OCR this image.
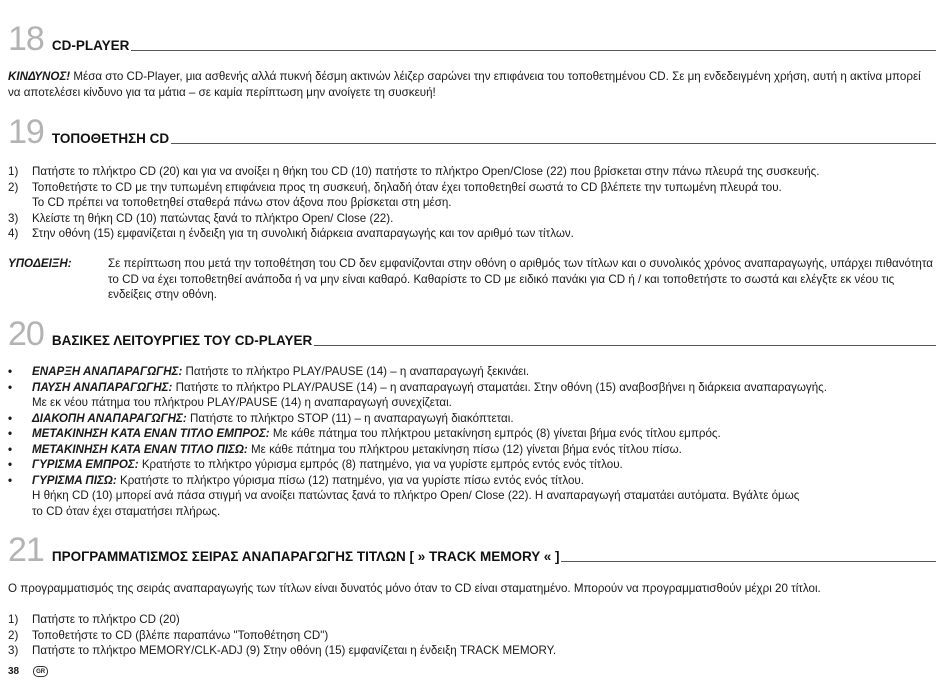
18 CD-PLAYER

ΚΙΝΔΥΝΟΣ! Μέσα στο CD-Player, μια ασθενής αλλά πυκνή δέσμη ακτινών λέιζερ σαρώνει την επιφάνεια του τοποθετημένου CD. Σε μη ενδεδειγμένη χρήση, αυτή η ακτίνα μπορεί να αποτελέσει κίνδυνο για τα μάτια – σε καμία περίπτωση μην ανοίγετε τη συσκευή!

19 ΤΟΠΟΘΕΤΗΣΗ CD
1)	Πατήστε το πλήκτρο CD (20) και για να ανοίξει η θήκη του CD (10) πατήστε το πλήκτρο Open/Close (22) που βρίσκεται στην πάνω πλευρά της συσκευής.
2)	Τοποθετήστε το CD με την τυπωμένη επιφάνεια προς τη συσκευή, δηλαδή όταν έχει τοποθετηθεί σωστά το CD βλέπετε την τυπωμένη πλευρά του.
Το CD πρέπει να τοποθετηθεί σταθερά πάνω στον άξονα που βρίσκεται στη μέση.
3)	Κλείστε τη θήκη CD (10) πατώντας ξανά το πλήκτρο Open/ Close (22).
4)	Στην οθόνη (15) εμφανίζεται η ένδειξη για τη συνολική διάρκεια αναπαραγωγής και τον αριθμό των τίτλων.
ΥΠΟΔΕΙΞΗ:	Σε περίπτωση που μετά την τοποθέτηση του CD δεν εμφανίζονται στην οθόνη ο αριθμός των τίτλων και ο συνολικός χρόνος αναπαραγωγής, υπάρχει πιθανότητα το CD να έχει τοποθετηθεί ανάποδα ή να μην είναι καθαρό. Καθαρίστε το CD με ειδικό πανάκι για CD ή / και τοποθετήστε το σωστά και ελέγξτε εκ νέου τις ενδείξεις στην οθόνη.
20 ΒΑΣΙΚΕΣ ΛΕΙΤΟΥΡΓΙΕΣ ΤΟΥ CD-PLAYER
•	ΕΝΑΡΞΗ ΑΝΑΠΑΡΑΓΩΓΗΣ: Πατήστε το πλήκτρο PLAY/PAUSE (14) – η αναπαραγωγή ξεκινάει.
•	ΠΑΥΣΗ ΑΝΑΠΑΡΑΓΩΓΗΣ: Πατήστε το πλήκτρο PLAY/PAUSE (14) – η αναπαραγωγή σταματάει. Στην οθόνη (15) αναβοσβήνει η διάρκεια αναπαραγωγής.
Με εκ νέου πάτημα του πλήκτρου PLAY/PAUSE (14) η αναπαραγωγή συνεχίζεται.
•	ΔΙΑΚΟΠΗ ΑΝΑΠΑΡΑΓΩΓΗΣ: Πατήστε το πλήκτρο STOP (11) – η αναπαραγωγή διακόπτεται.
•	ΜΕΤΑΚΙΝΗΣΗ ΚΑΤΑ ΕΝΑΝ ΤΙΤΛΟ ΕΜΠΡΟΣ: Με κάθε πάτημα του πλήκτρου μετακίνηση εμπρός (8) γίνεται βήμα ενός τίτλου εμπρός.
•	ΜΕΤΑΚΙΝΗΣΗ ΚΑΤΑ ΕΝΑΝ ΤΙΤΛΟ ΠΙΣΩ: Με κάθε πάτημα του πλήκτρου μετακίνηση πίσω (12) γίνεται βήμα ενός τίτλου πίσω.
•	ΓΥΡΙΣΜΑ ΕΜΠΡΟΣ: Κρατήστε το πλήκτρο γύρισμα εμπρός (8) πατημένο, για να γυρίστε εμπρός εντός ενός τίτλου.
•	ΓΥΡΙΣΜΑ ΠΙΣΩ: Κρατήστε το πλήκτρο γύρισμα πίσω (12) πατημένο, για να γυρίστε πίσω εντός ενός τίτλου.
Η θήκη CD (10) μπορεί ανά πάσα στιγμή να ανοίξει πατώντας ξανά το πλήκτρο Open/ Close (22). Η αναπαραγωγή σταματάει αυτόματα. Βγάλτε όμως
το CD όταν έχει σταματήσει πλήρως.
21 ΠΡΟΓΡΑΜΜΑΤΙΣΜΟΣ ΣΕΙΡΑΣ ΑΝΑΠΑΡΑΓΩΓΗΣ ΤΙΤΛΩΝ [ » TRACK MEMORY « ]

Ο προγραμματισμός της σειράς αναπαραγωγής των τίτλων είναι δυνατός μόνο όταν το CD είναι σταματημένο. Μπορούν να προγραμματισθούν μέχρι 20 τίτλοι.

1)	Πατήστε το πλήκτρο CD (20)
2)	Τοποθετήστε το CD (βλέπε παραπάνω "Τοποθέτηση CD")
3)	Πατήστε το πλήκτρο MEMORY/CLK-ADJ (9) Στην οθόνη (15) εμφανίζεται η ένδειξη TRACK MEMORY.
38	GR
